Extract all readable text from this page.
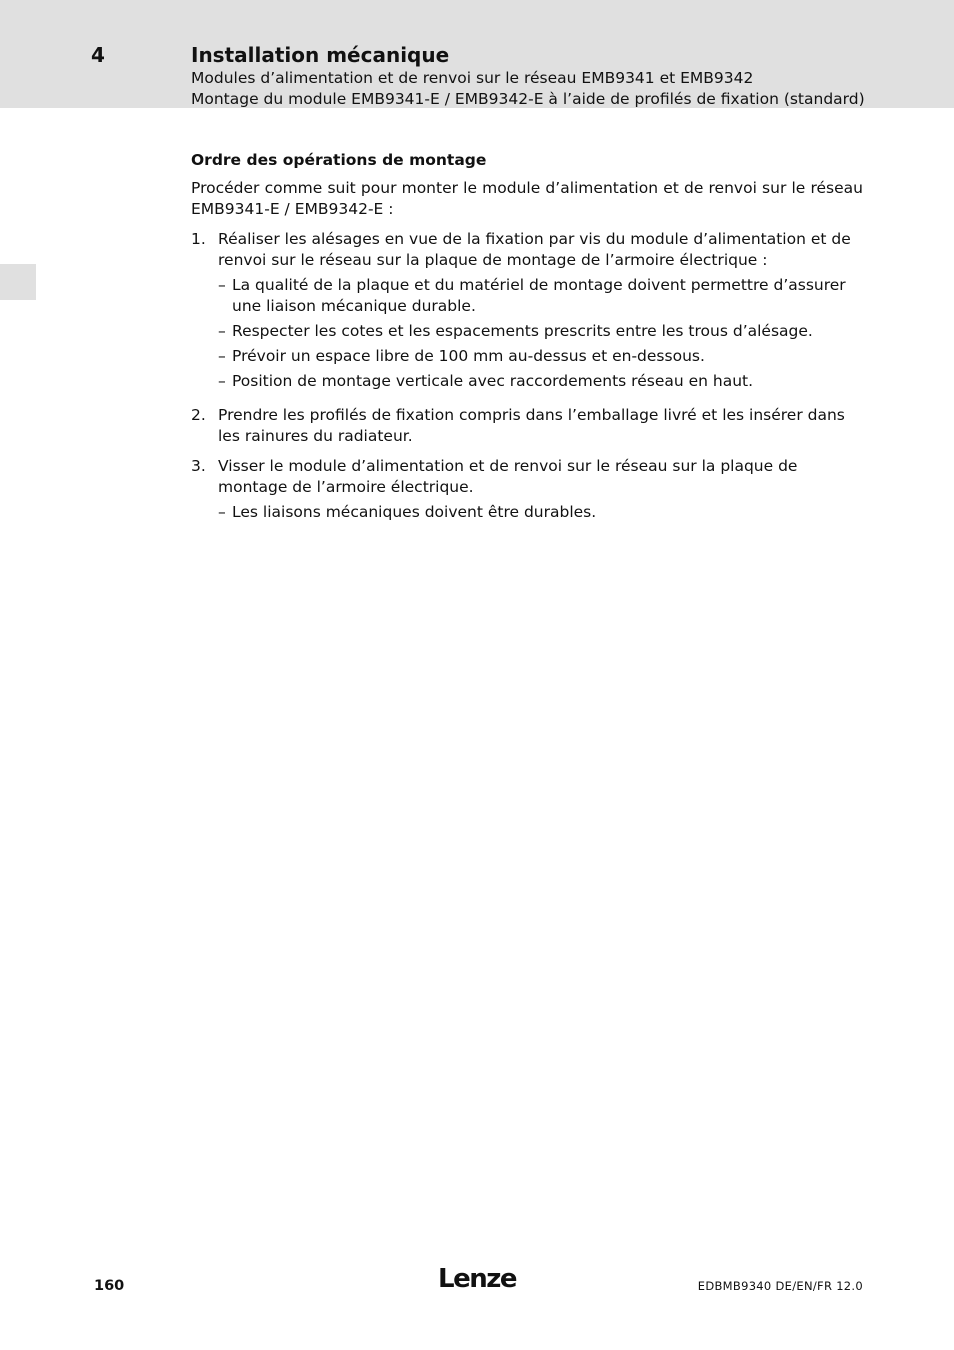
4	Installation mécanique
Modules d’alimentation et de renvoi sur le réseau EMB9341 et EMB9342
Montage du module EMB9341-E / EMB9342-E à l’aide de profilés de fixation (standard)
Ordre des opérations de montage
Procéder comme suit pour monter le module d’alimentation et de renvoi sur le réseau EMB9341-E / EMB9342-E :
1. Réaliser les alésages en vue de la fixation par vis du module d’alimentation et de renvoi sur le réseau sur la plaque de montage de l’armoire électrique :
– La qualité de la plaque et du matériel de montage doivent permettre d’assurer une liaison mécanique durable.
– Respecter les cotes et les espacements prescrits entre les trous d’alésage.
– Prévoir un espace libre de 100 mm au-dessus et en-dessous.
– Position de montage verticale avec raccordements réseau en haut.
2. Prendre les profilés de fixation compris dans l’emballage livré et les insérer dans les rainures du radiateur.
3. Visser le module d’alimentation et de renvoi sur le réseau sur la plaque de montage de l’armoire électrique.
– Les liaisons mécaniques doivent être durables.
160	Lenze	EDBMB9340 DE/EN/FR 12.0
